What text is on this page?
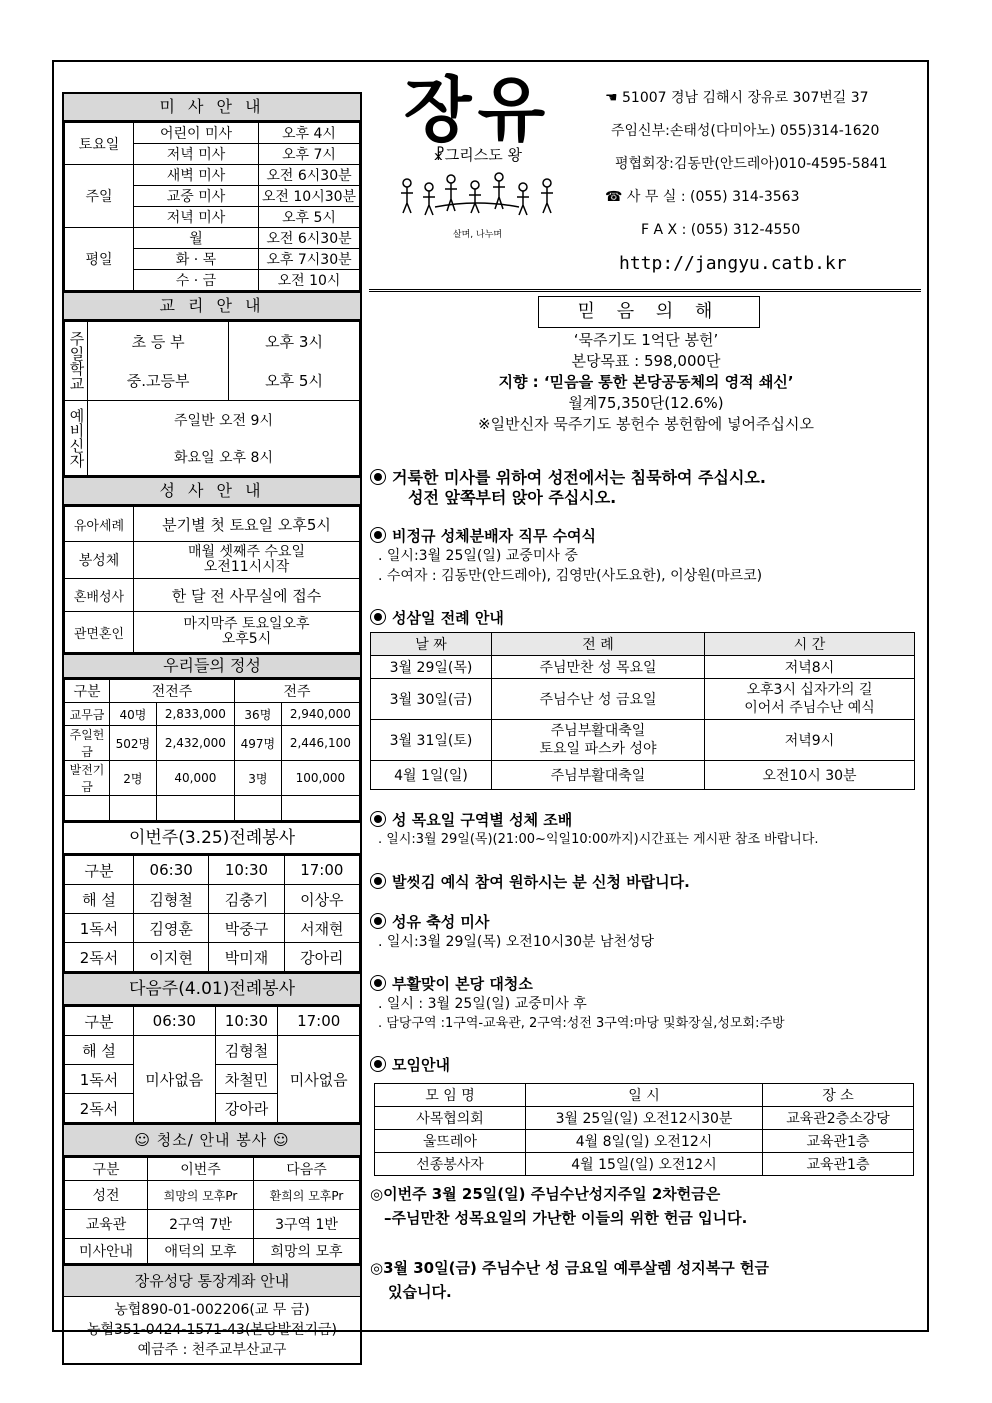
미 사 안 내
토요일	어린이 미사	오후 4시
	저녁 미사	오후 7시
주일	새벽 미사	오전 6시30분
	교중 미사	오전 10시30분
	저녁 미사	오후 5시
평일	월	오전 6시30분
	화 · 목	오후 7시30분
	수 · 금	오전 10시
교 리 안 내
주일학교	초 등 부	오후 3시
	중.고등부	오후 5시
예비신자	주일반 오전 9시	
	화요일 오후 8시	
성 사 안 내
유아세례	분기별 첫 토요일 오후5시
봉성체	매월 셋째주 수요일
오전11시시작
혼배성사	한 달 전 사무실에 접수
관면혼인	마지막주 토요일오후
오후5시
우리들의 정성
구분	전전주		전주	
교무금	40명	2,833,000	36명	2,940,000
주일헌금	502명	2,432,000	497명	2,446,100
발전기금	2명	40,000	3명	100,000

이번주(3.25)전례봉사
구분	06:30	10:30	17:00
해 설	김형철	김충기	이상우
1독서	김영훈	박중구	서재현
2독서	이지현	박미재	강아리
다음주(4.01)전례봉사
구분	06:30	10:30	17:00
해 설	미사없음	김형철	미사없음
1독서		차철민	
2독서		강아라	
☺ 청소/ 안내 봉사 ☺
구분	이번주	다음주
성전	희망의 모후Pr	환희의 모후Pr
교육관	2구역 7반	3구역 1반
미사안내	애덕의 모후	희망의 모후
장유성당 통장계좌 안내
농협890-01-002206(교 무 금)
농협351-0424-1571-43(본당발전기금)
예금주 : 천주교부산교구
장유
☧그리스도 왕
살며, 나누며
☚ 51007 경남 김해시 장유로 307번길 37
주임신부:손태성(다미아노) 055)314-1620
평협회장:김동만(안드레아)010-4595-5841
☎ 사 무 실 : (055) 314-3563
F A X : (055) 312-4550
http://jangyu.catb.kr
믿 음 의 해
‘묵주기도 1억단 봉헌’
본당목표 : 598,000단
지향 : ‘믿음을 통한 본당공동체의 영적 쇄신’
월계75,350단(12.6%)
※일반신자 묵주기도 봉헌수 봉헌함에 넣어주십시오
거룩한 미사를 위하여 성전에서는 침묵하여 주십시오.
성전 앞쪽부터 앉아 주십시오.
비정규 성체분배자 직무 수여식
. 일시:3월 25일(일) 교중미사 중
. 수여자 : 김동만(안드레아), 김영만(사도요한), 이상원(마르코)
성삼일 전례 안내
날 짜	전 례	시 간
3월 29일(목)	주님만찬 성 목요일	저녁8시
3월 30일(금)	주님수난 성 금요일	오후3시 십자가의 길
이어서 주님수난 예식
3월 31일(토)	주님부활대축일
토요일 파스카 성야	저녁9시
4월 1일(일)	주님부활대축일	오전10시 30분
성 목요일 구역별 성체 조배
. 일시:3월 29일(목)(21:00~익일10:00까지)시간표는 게시판 참조 바랍니다.
발씻김 예식 참여 원하시는 분 신청 바랍니다.
성유 축성 미사
. 일시:3월 29일(목) 오전10시30분 남천성당
부활맞이 본당 대청소
. 일시 : 3월 25일(일) 교중미사 후
. 담당구역 :1구역-교육관, 2구역:성전 3구역:마당 및화장실,성모회:주방
모임안내
모 임 명	일 시	장 소
사목협의회	3월 25일(일) 오전12시30분	교육관2층소강당
울뜨레아	4월 8일(일) 오전12시	교육관1층
선종봉사자	4월 15일(일) 오전12시	교육관1층
◎이번주 3월 25일(일) 주님수난성지주일 2차헌금은
–주님만찬 성목요일의 가난한 이들의 위한 헌금 입니다.
◎3월 30일(금) 주님수난 성 금요일 예루살렘 성지복구 헌금
있습니다.
